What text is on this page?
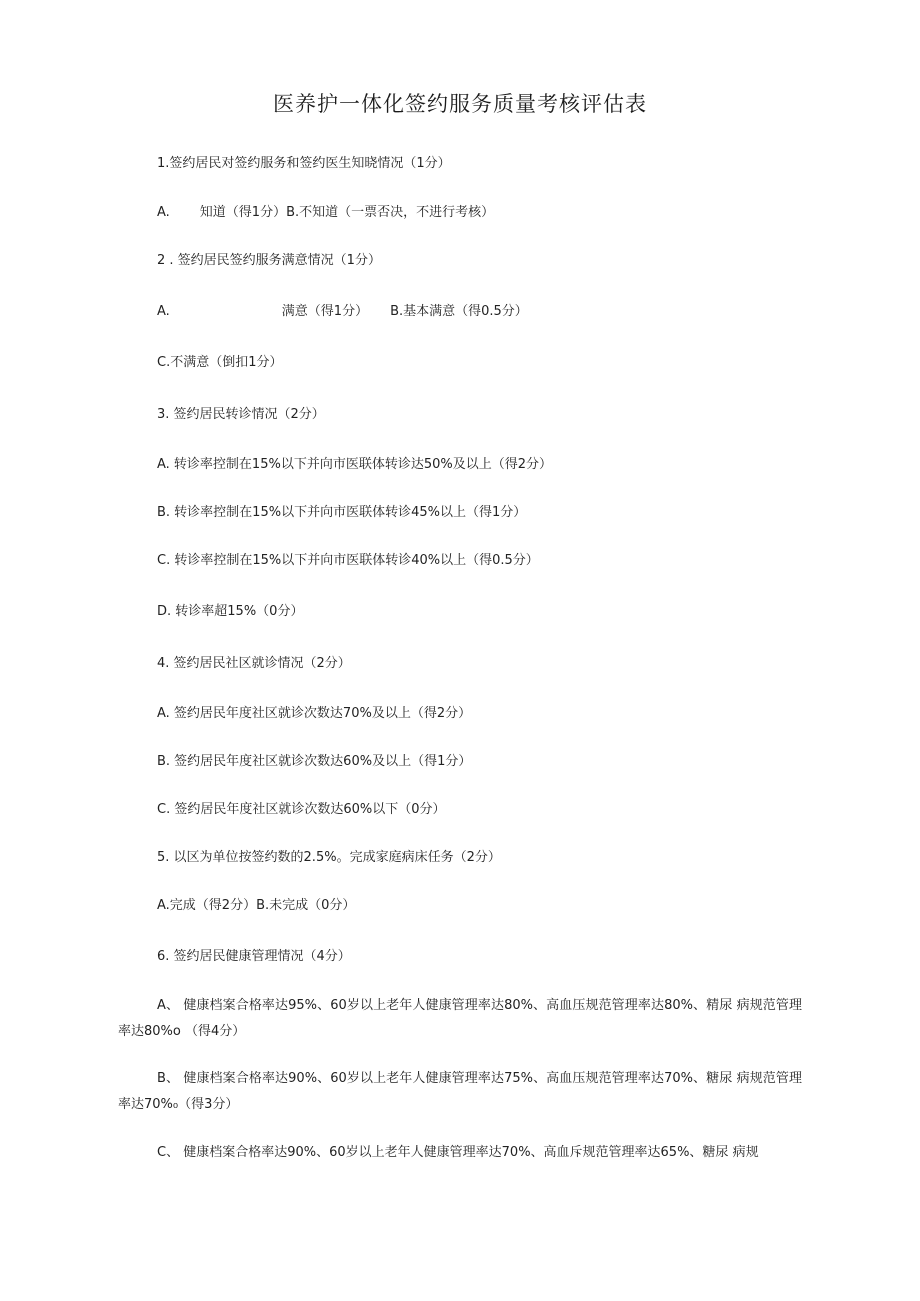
医养护一体化签约服务质量考核评估表
1.签约居民对签约服务和签约医生知晓情况（1分）
A. 知道（得1分）B.不知道（一票否决，不进行考核）
2 . 签约居民签约服务满意情况（1分）
A.	满意（得1分） B.基本满意（得0.5分）
C.不满意（倒扣1分）
3. 签约居民转诊情况（2分）
A. 转诊率控制在15%以下并向市医联体转诊达50%及以上（得2分）
B. 转诊率控制在15%以下并向市医联体转诊45%以上（得1分）
C. 转诊率控制在15%以下并向市医联体转诊40%以上（得0.5分）
D. 转诊率超15%（0分）
4. 签约居民社区就诊情况（2分）
A. 签约居民年度社区就诊次数达70%及以上（得2分）
B. 签约居民年度社区就诊次数达60%及以上（得1分）
C. 签约居民年度社区就诊次数达60%以下（0分）
5. 以区为单位按签约数的2.5%。完成家庭病床任务（2分）
A.完成（得2分）B.未完成（0分）
6. 签约居民健康管理情况（4分）
A、 健康档案合格率达95%、60岁以上老年人健康管理率达80%、高血压规范管理率达80%、精尿 病规范管理率达80%o （得4分）
B、 健康档案合格率达90%、60岁以上老年人健康管理率达75%、高血压规范管理率达70%、糖尿 病规范管理率达70%₀（得3分）
C、 健康档案合格率达90%、60岁以上老年人健康管理率达70%、高血斥规范管理率达65%、糖尿 病规
